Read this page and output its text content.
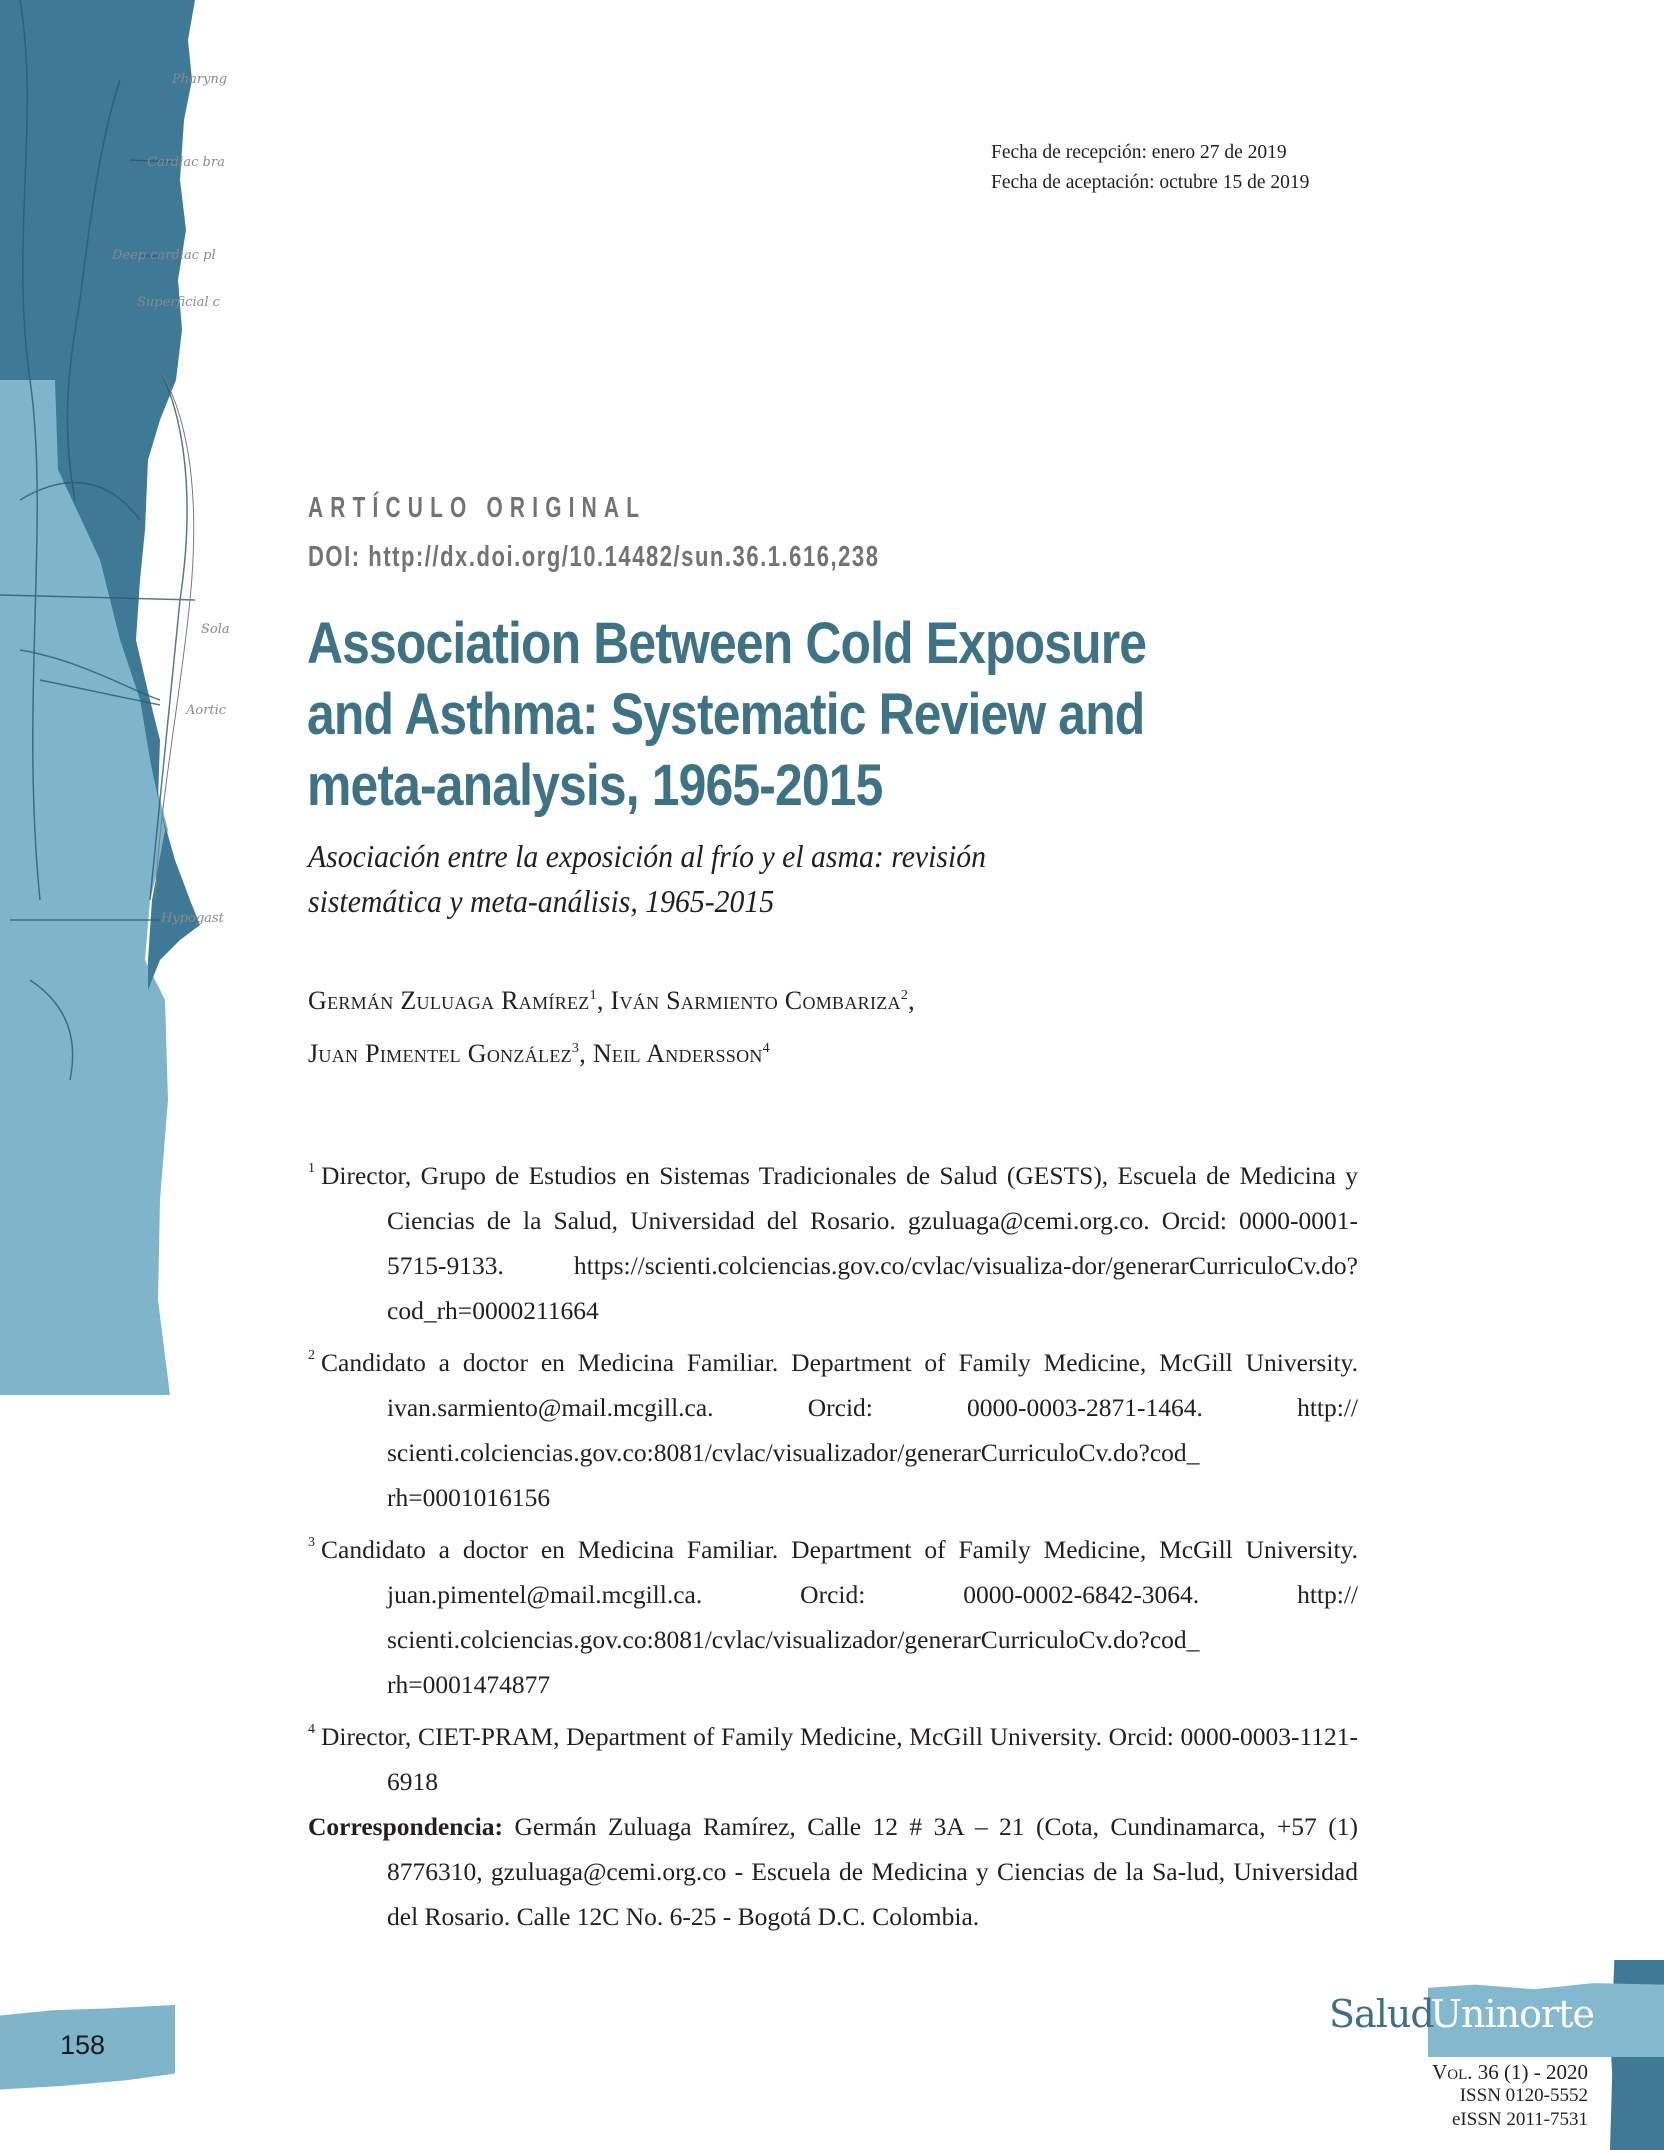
Pharyng
Cardiac bra
Deep cardiac pl
Superficial c
Sola
Aortic
Hypogast
Fecha de recepción: enero 27 de 2019
Fecha de aceptación: octubre 15 de 2019
ARTÍCULO ORIGINAL
DOI: http://dx.doi.org/10.14482/sun.36.1.616,238
Association Between Cold Exposure
and Asthma: Systematic Review and
meta-analysis, 1965-2015
Asociación entre la exposición al frío y el asma: revisión
sistemática y meta-análisis, 1965-2015
Germán Zuluaga Ramírez$^1$, Iván Sarmiento Combariza$^2$,
Juan Pimentel González$^3$, Neil Andersson$^4$

$^1$ Director, Grupo de Estudios en Sistemas Tradicionales de Salud (GESTS), Escuela de Medicina y Ciencias de la Salud, Universidad del Rosario. gzuluaga@cemi.org.co. Orcid: 0000-0001-5715-9133. https://scienti.colciencias.gov.co/cvlac/visualiza-dor/generarCurriculoCv.do?cod_rh=0000211664

$^2$ Candidato a doctor en Medicina Familiar. Department of Family Medicine, McGill University. ivan.sarmiento@mail.mcgill.ca. Orcid: 0000-0003-2871-1464. http:// scienti.colciencias.gov.co:8081/cvlac/visualizador/generarCurriculoCv.do?cod_ rh=0001016156

$^3$ Candidato a doctor en Medicina Familiar. Department of Family Medicine, McGill University. juan.pimentel@mail.mcgill.ca. Orcid: 0000-0002-6842-3064. http:// scienti.colciencias.gov.co:8081/cvlac/visualizador/generarCurriculoCv.do?cod_ rh=0001474877

$^4$ Director, CIET-PRAM, Department of Family Medicine, McGill University. Orcid: 0000-0003-1121-6918

Correspondencia: Germán Zuluaga Ramírez, Calle 12 # 3A – 21 (Cota, Cundinamarca, +57 (1) 8776310, gzuluaga@cemi.org.co - Escuela de Medicina y Ciencias de la Sa-lud, Universidad del Rosario. Calle 12C No. 6-25 - Bogotá D.C. Colombia.

158
Salud
Uninorte
Vol. 36 (1) - 2020
ISSN 0120-5552
eISSN 2011-7531
